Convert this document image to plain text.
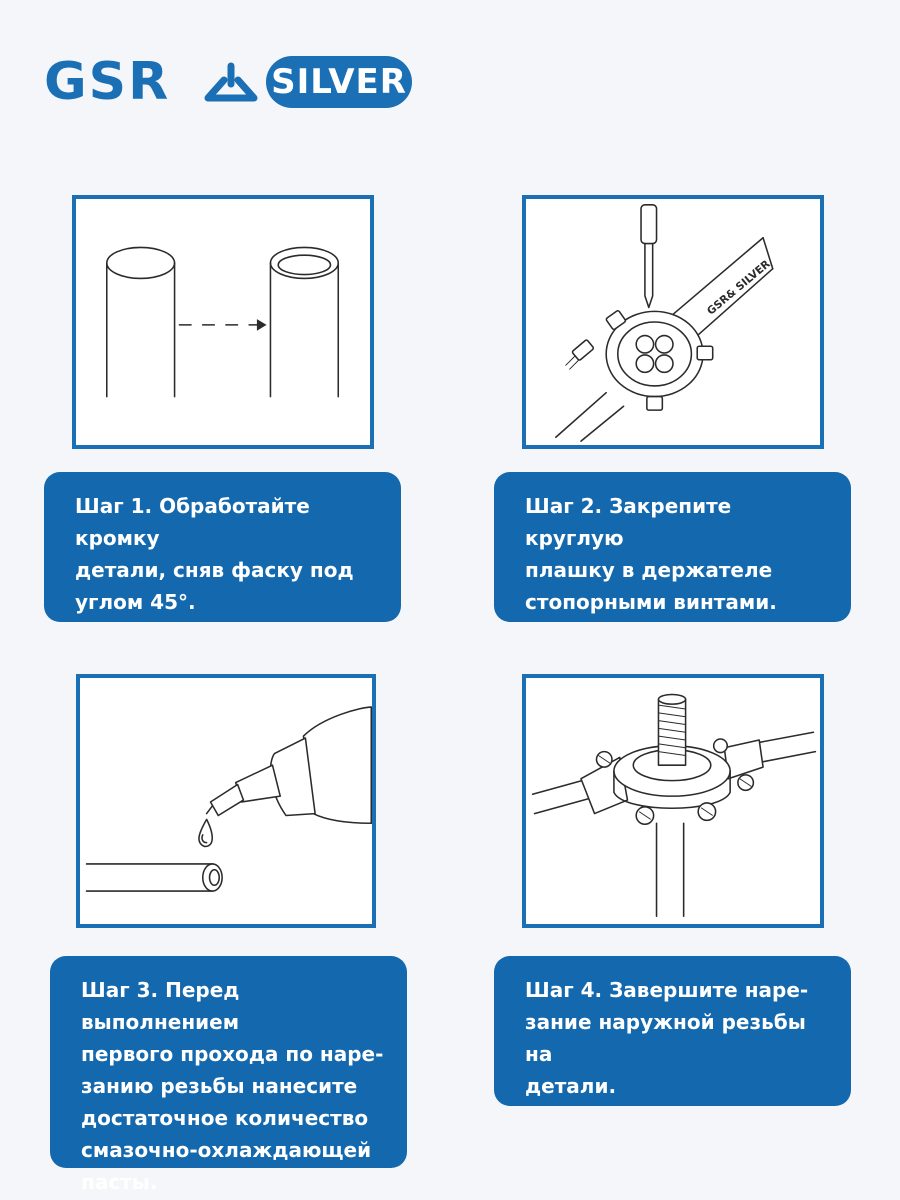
GSR	SILVER
GSR& SILVER

Шаг 1. Обработайте кромку
детали, сняв фаску под
углом 45°.

Шаг 2. Закрепите круглую
плашку в держателе
стопорными винтами.

Шаг 3. Перед выполнением
первого прохода по наре-
занию резьбы нанесите
достаточное количество
смазочно-охлаждающей
пасты.

Шаг 4. Завершите нарe-
зание наружной резьбы на
детали.
